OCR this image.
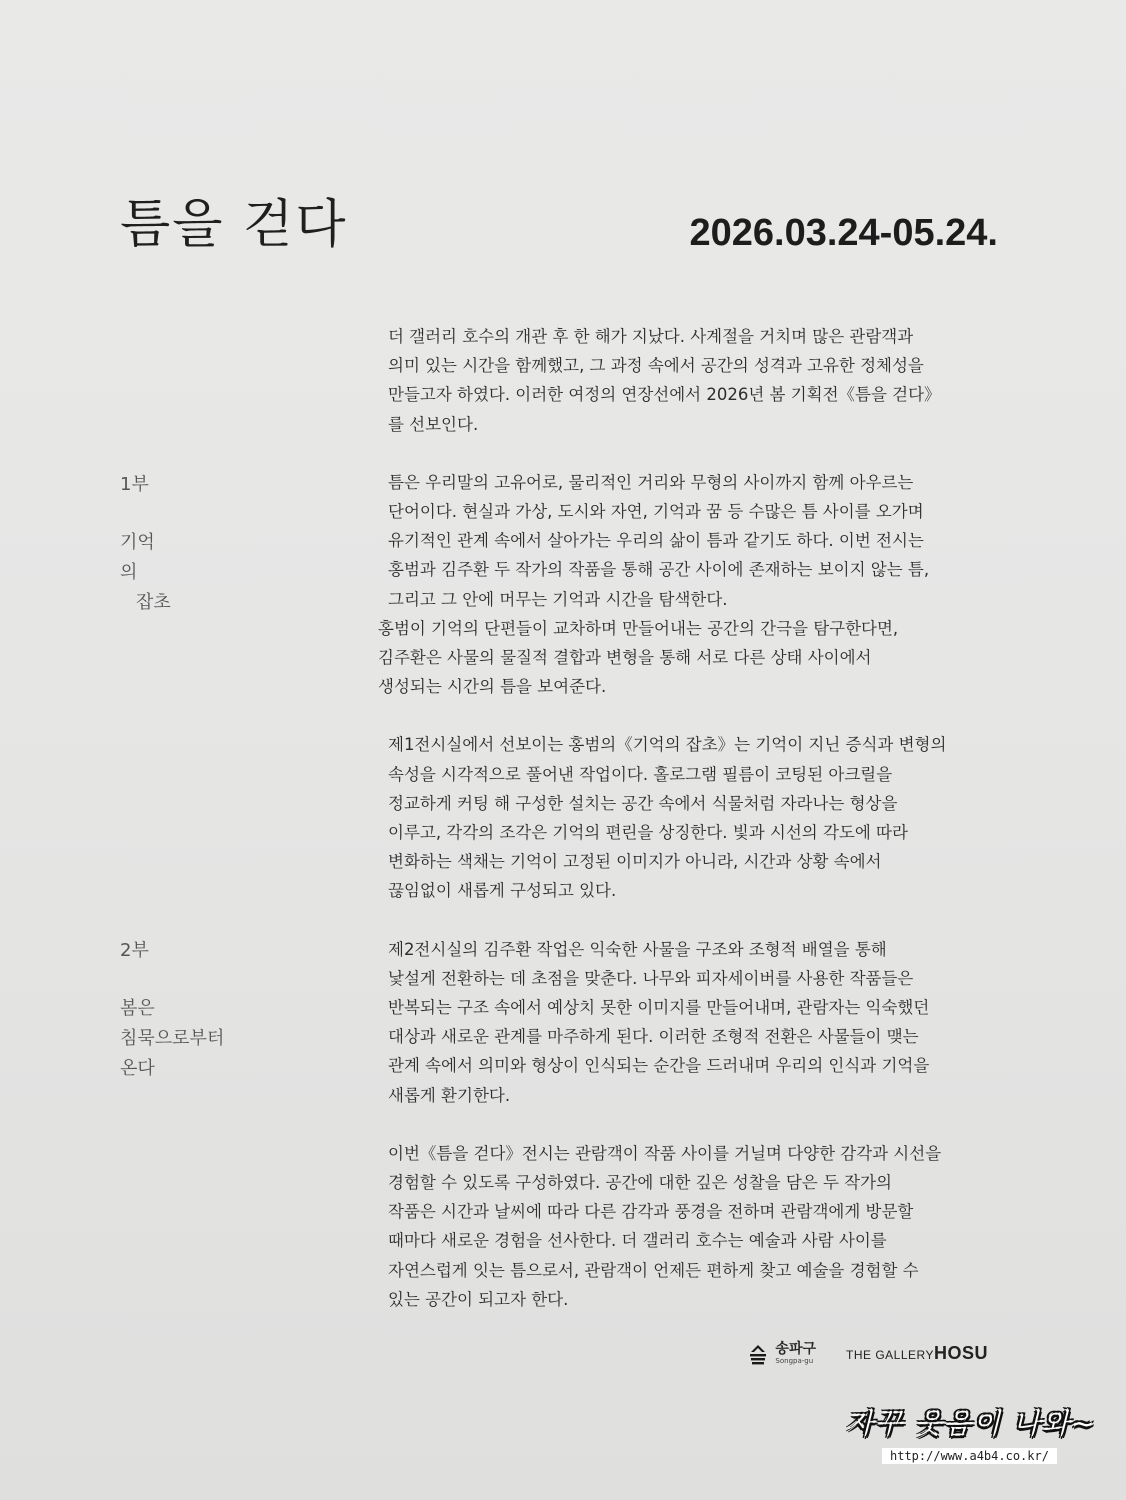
틈을 걷다	2026.03.24-05.24.
1부
기억
의
잡초
2부
봄은
침묵으로부터
온다

더 갤러리 호수의 개관 후 한 해가 지났다. 사계절을 거치며 많은 관람객과
의미 있는 시간을 함께했고, 그 과정 속에서 공간의 성격과 고유한 정체성을
만들고자 하였다. 이러한 여정의 연장선에서 2026년 봄 기획전《틈을 걷다》
를 선보인다.

틈은 우리말의 고유어로, 물리적인 거리와 무형의 사이까지 함께 아우르는
단어이다. 현실과 가상, 도시와 자연, 기억과 꿈 등 수많은 틈 사이를 오가며
유기적인 관계 속에서 살아가는 우리의 삶이 틈과 같기도 하다. 이번 전시는
홍범과 김주환 두 작가의 작품을 통해 공간 사이에 존재하는 보이지 않는 틈,
그리고 그 안에 머무는 기억과 시간을 탐색한다.

홍범이 기억의 단편들이 교차하며 만들어내는 공간의 간극을 탐구한다면,
김주환은 사물의 물질적 결합과 변형을 통해 서로 다른 상태 사이에서
생성되는 시간의 틈을 보여준다.

제1전시실에서 선보이는 홍범의《기억의 잡초》는 기억이 지닌 증식과 변형의
속성을 시각적으로 풀어낸 작업이다. 홀로그램 필름이 코팅된 아크릴을
정교하게 커팅 해 구성한 설치는 공간 속에서 식물처럼 자라나는 형상을
이루고, 각각의 조각은 기억의 편린을 상징한다. 빛과 시선의 각도에 따라
변화하는 색채는 기억이 고정된 이미지가 아니라, 시간과 상황 속에서
끊임없이 새롭게 구성되고 있다.

제2전시실의 김주환 작업은 익숙한 사물을 구조와 조형적 배열을 통해
낯설게 전환하는 데 초점을 맞춘다. 나무와 피자세이버를 사용한 작품들은
반복되는 구조 속에서 예상치 못한 이미지를 만들어내며, 관람자는 익숙했던
대상과 새로운 관계를 마주하게 된다. 이러한 조형적 전환은 사물들이 맺는
관계 속에서 의미와 형상이 인식되는 순간을 드러내며 우리의 인식과 기억을
새롭게 환기한다.

이번《틈을 걷다》전시는 관람객이 작품 사이를 거닐며 다양한 감각과 시선을
경험할 수 있도록 구성하였다. 공간에 대한 깊은 성찰을 담은 두 작가의
작품은 시간과 날씨에 따라 다른 감각과 풍경을 전하며 관람객에게 방문할
때마다 새로운 경험을 선사한다. 더 갤러리 호수는 예술과 사람 사이를
자연스럽게 잇는 틈으로서, 관람객이 언제든 편하게 찾고 예술을 경험할 수
있는 공간이 되고자 한다.

송파구
Songpa-gu	THE GALLERYHOSU
자꾸 웃음이 나와~
http://www.a4b4.co.kr/
